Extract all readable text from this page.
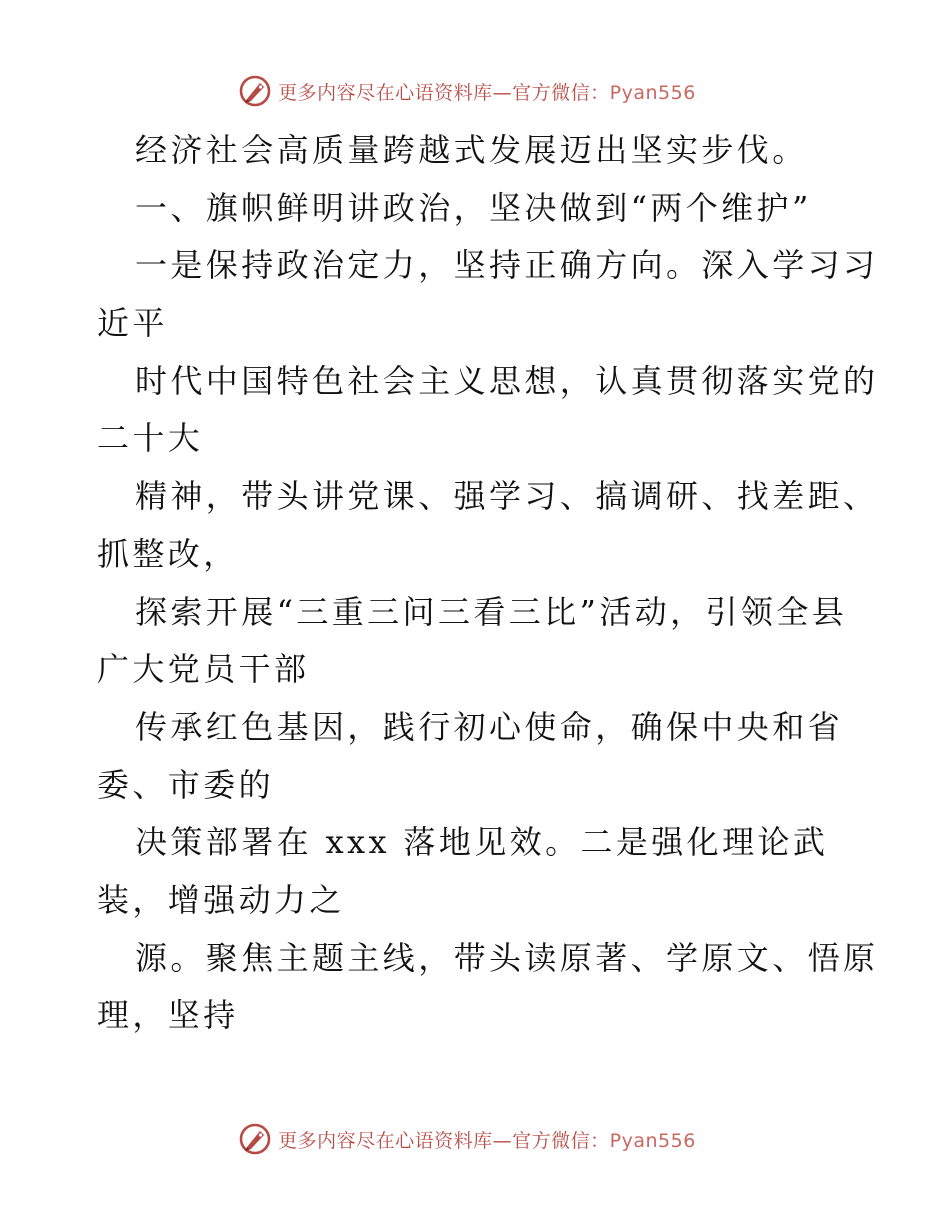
更多内容尽在心语资料库—官方微信：Pyan556
经济社会高质量跨越式发展迈出坚实步伐。
一、旗帜鲜明讲政治，坚决做到“两个维护”
一是保持政治定力，坚持正确方向。深入学习习
近平
时代中国特色社会主义思想，认真贯彻落实党的
二十大
精神，带头讲党课、强学习、搞调研、找差距、
抓整改，
探索开展“三重三问三看三比”活动，引领全县
广大党员干部
传承红色基因，践行初心使命，确保中央和省
委、市委的
决策部署在 xxx 落地见效。二是强化理论武
装，增强动力之
源。聚焦主题主线，带头读原著、学原文、悟原
理，坚持
更多内容尽在心语资料库—官方微信：Pyan556
